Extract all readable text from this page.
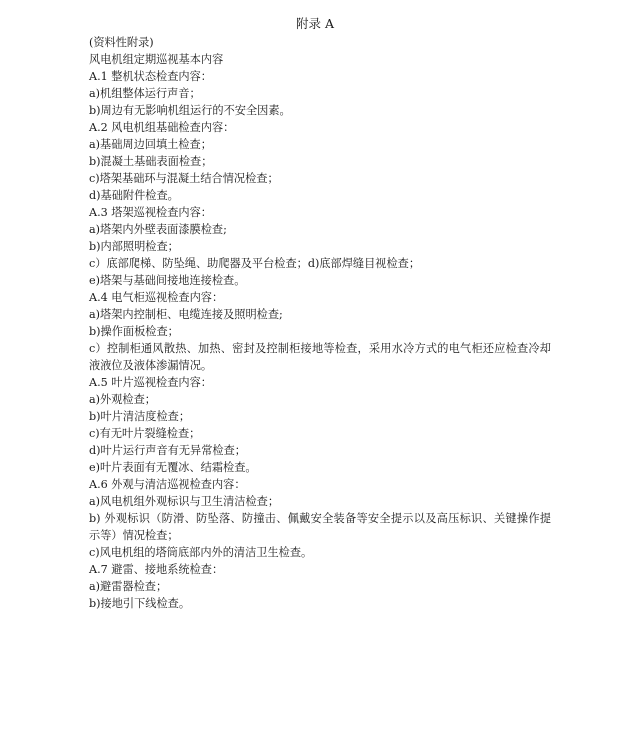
附录 A
(资料性附录)
风电机组定期巡视基本内容
A.1 整机状态检查内容：
a)机组整体运行声音；
b)周边有无影响机组运行的不安全因素。
A.2 风电机组基础检查内容：
a)基础周边回填土检查；
b)混凝土基础表面检查；
c)塔架基础环与混凝土结合情况检查；
d)基础附件检查。
A.3 塔架巡视检查内容：
a)塔架内外壁表面漆膜检查;
b)内部照明检查；
c）底部爬梯、防坠绳、助爬器及平台检查；d)底部焊缝目视检查；
e)塔架与基础间接地连接检查。
A.4 电气柜巡视检查内容：
a)塔架内控制柜、电缆连接及照明检查;
b)操作面板检查；
c）控制柜通风散热、加热、密封及控制柜接地等检查，采用水冷方式的电气柜还应检查冷却液液位及液体渗漏情况。
A.5 叶片巡视检查内容：
a)外观检查；
b)叶片清洁度检查；
c)有无叶片裂缝检查；
d)叶片运行声音有无异常检查；
e)叶片表面有无覆冰、结霜检查。
A.6 外观与清洁巡视检查内容：
a)风电机组外观标识与卫生清洁检查；
b) 外观标识（防滑、防坠落、防撞击、佩戴安全装备等安全提示以及高压标识、关键操作提示等）情况检查；
c)风电机组的塔筒底部内外的清洁卫生检查。
A.7 避雷、接地系统检查：
a)避雷器检查；
b)接地引下线检查。
